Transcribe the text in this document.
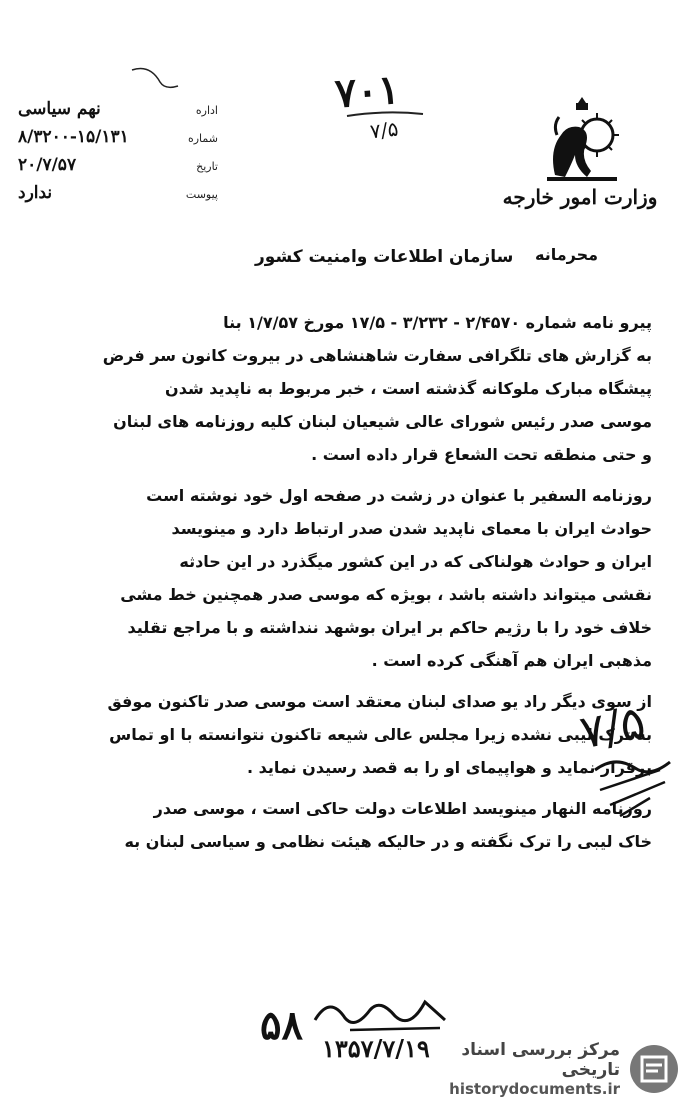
اداره
نهم سیاسی
شماره
۸/۳۲۰۰-۱۵/۱۳۱
تاریخ
۲۰/۷/۵۷
پیوست
ندارد
۷۰۱
۷/۵
وزارت امور خارجه
محرمانه
سازمان اطلاعات وامنیت کشور
پیرو نامه شماره ۲/۴۵۷۰ - ۳/۲۳۲ - ۱۷/۵ مورخ ۱/۷/۵۷ بنا
به گزارش های تلگرافی سفارت شاهنشاهی در بیروت کانون سر فرض
پیشگاه مبارک ملوکانه گذشته است ، خبر مربوط به ناپدید شدن
موسی صدر رئیس شورای عالی شیعیان لبنان کلیه روزنامه های لبنان
و حتی منطقه تحت الشعاع قرار داده است .
روزنامه السفیر با عنوان در زشت در صفحه اول خود نوشته است
حوادث ایران با معمای ناپدید شدن صدر ارتباط دارد و مینویسد
ایران و حوادث هولناکی که در این کشور میگذرد در این حادثه
نقشی میتواند داشته باشد ، بویژه که موسی صدر همچنین خط مشی
خلاف خود را با رژیم حاکم بر ایران بوشهد ننداشته و با مراجع تقلید
مذهبی ایران هم آهنگی کرده است .
از سوی دیگر راد یو صدای لبنان معتقد است موسی صدر تاکنون موفق
به ترک لیبی نشده زیرا مجلس عالی شیعه تاکنون نتوانسته با او تماس
برقرار نماید و هواپیمای او را به قصد رسیدن نماید .
روزنامه النهار مینویسد اطلاعات دولت حاکی است ، موسی صدر
خاک لیبی را ترک نگفته و در حالیکه هیئت نظامی و سیاسی لبنان به
۷/۵
۵۸ ۱۳۵۷/۷/۱۹	مرکز بررسی اسناد تاریخی
historydocuments.ir
